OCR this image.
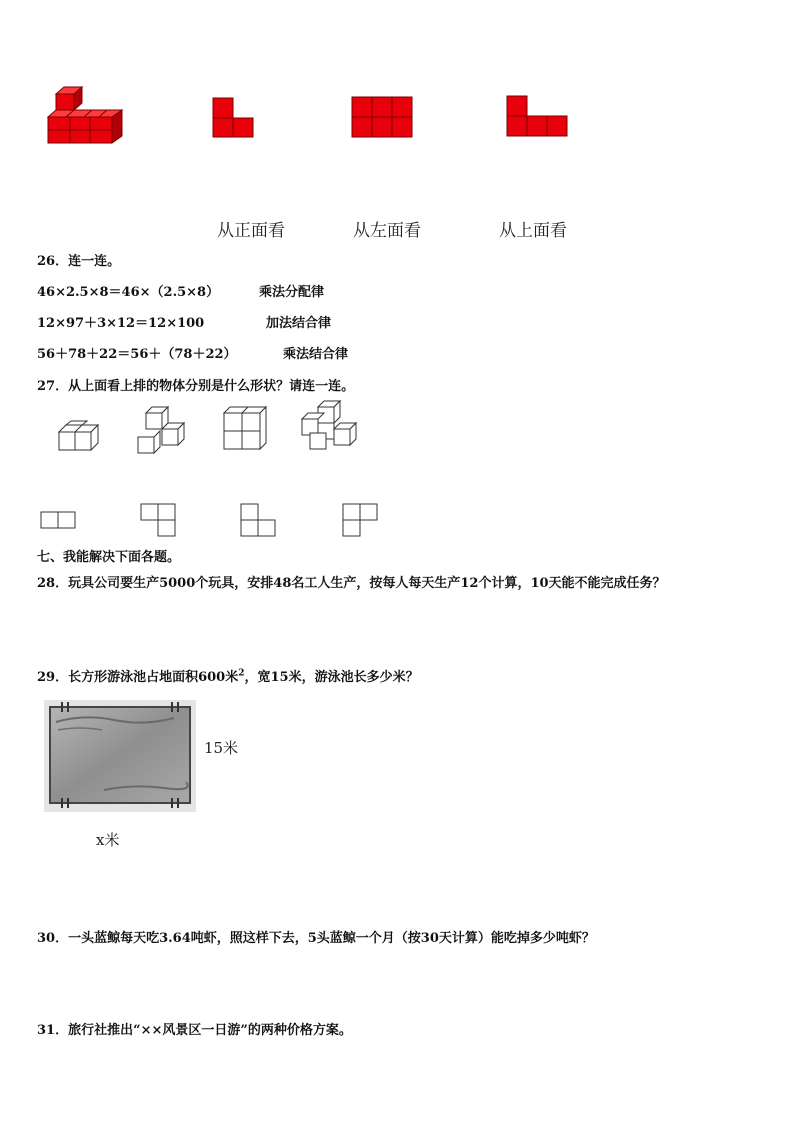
从正面看	从左面看	从上面看
26．连一连。
46×2.5×8＝46×（2.5×8）	乘法分配律
12×97＋3×12＝12×100	加法结合律
56＋78＋22＝56＋（78＋22）	乘法结合律
27．从上面看上排的物体分别是什么形状？请连一连。
七、我能解决下面各题。
28．玩具公司要生产5000个玩具，安排48名工人生产，按每人每天生产12个计算，10天能不能完成任务？
29．长方形游泳池占地面积600米$^2$，宽15米，游泳池长多少米？
15米
x米
30．一头蓝鲸每天吃3.64吨虾，照这样下去，5头蓝鲸一个月（按30天计算）能吃掉多少吨虾？
31．旅行社推出“××风景区一日游”的两种价格方案。
